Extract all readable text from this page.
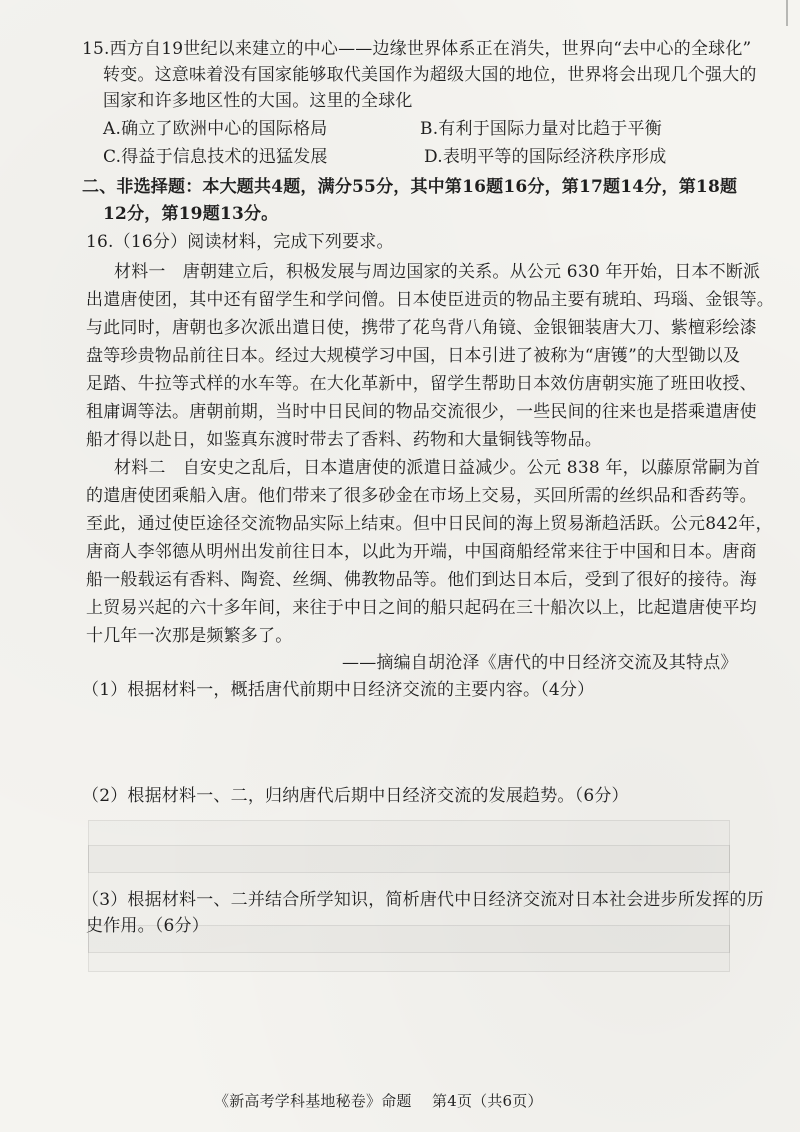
15.西方自19世纪以来建立的中心——边缘世界体系正在消失，世界向“去中心的全球化”
转变。这意味着没有国家能够取代美国作为超级大国的地位，世界将会出现几个强大的
国家和许多地区性的大国。这里的全球化
A.确立了欧洲中心的国际格局	B.有利于国际力量对比趋于平衡
C.得益于信息技术的迅猛发展	D.表明平等的国际经济秩序形成
二、非选择题：本大题共4题，满分55分，其中第16题16分，第17题14分，第18题
12分，第19题13分。
16.（16分）阅读材料，完成下列要求。
材料一　唐朝建立后，积极发展与周边国家的关系。从公元 630 年开始，日本不断派
出遣唐使团，其中还有留学生和学问僧。日本使臣进贡的物品主要有琥珀、玛瑙、金银等。
与此同时，唐朝也多次派出遣日使，携带了花鸟背八角镜、金银钿装唐大刀、紫檀彩绘漆
盘等珍贵物品前往日本。经过大规模学习中国，日本引进了被称为“唐镬”的大型锄以及
足踏、牛拉等式样的水车等。在大化革新中，留学生帮助日本效仿唐朝实施了班田收授、
租庸调等法。唐朝前期，当时中日民间的物品交流很少，一些民间的往来也是搭乘遣唐使
船才得以赴日，如鉴真东渡时带去了香料、药物和大量铜钱等物品。
材料二　自安史之乱后，日本遣唐使的派遣日益减少。公元 838 年，以藤原常嗣为首
的遣唐使团乘船入唐。他们带来了很多砂金在市场上交易，买回所需的丝织品和香药等。
至此，通过使臣途径交流物品实际上结束。但中日民间的海上贸易渐趋活跃。公元842年，
唐商人李邻德从明州出发前往日本，以此为开端，中国商船经常来往于中国和日本。唐商
船一般载运有香料、陶瓷、丝绸、佛教物品等。他们到达日本后，受到了很好的接待。海
上贸易兴起的六十多年间，来往于中日之间的船只起码在三十船次以上，比起遣唐使平均
十几年一次那是频繁多了。
——摘编自胡沧泽《唐代的中日经济交流及其特点》
（1）根据材料一，概括唐代前期中日经济交流的主要内容。（4分）
（2）根据材料一、二，归纳唐代后期中日经济交流的发展趋势。（6分）
（3）根据材料一、二并结合所学知识，简析唐代中日经济交流对日本社会进步所发挥的历
史作用。（6分）
《新高考学科基地秘卷》命题 第4页（共6页）
